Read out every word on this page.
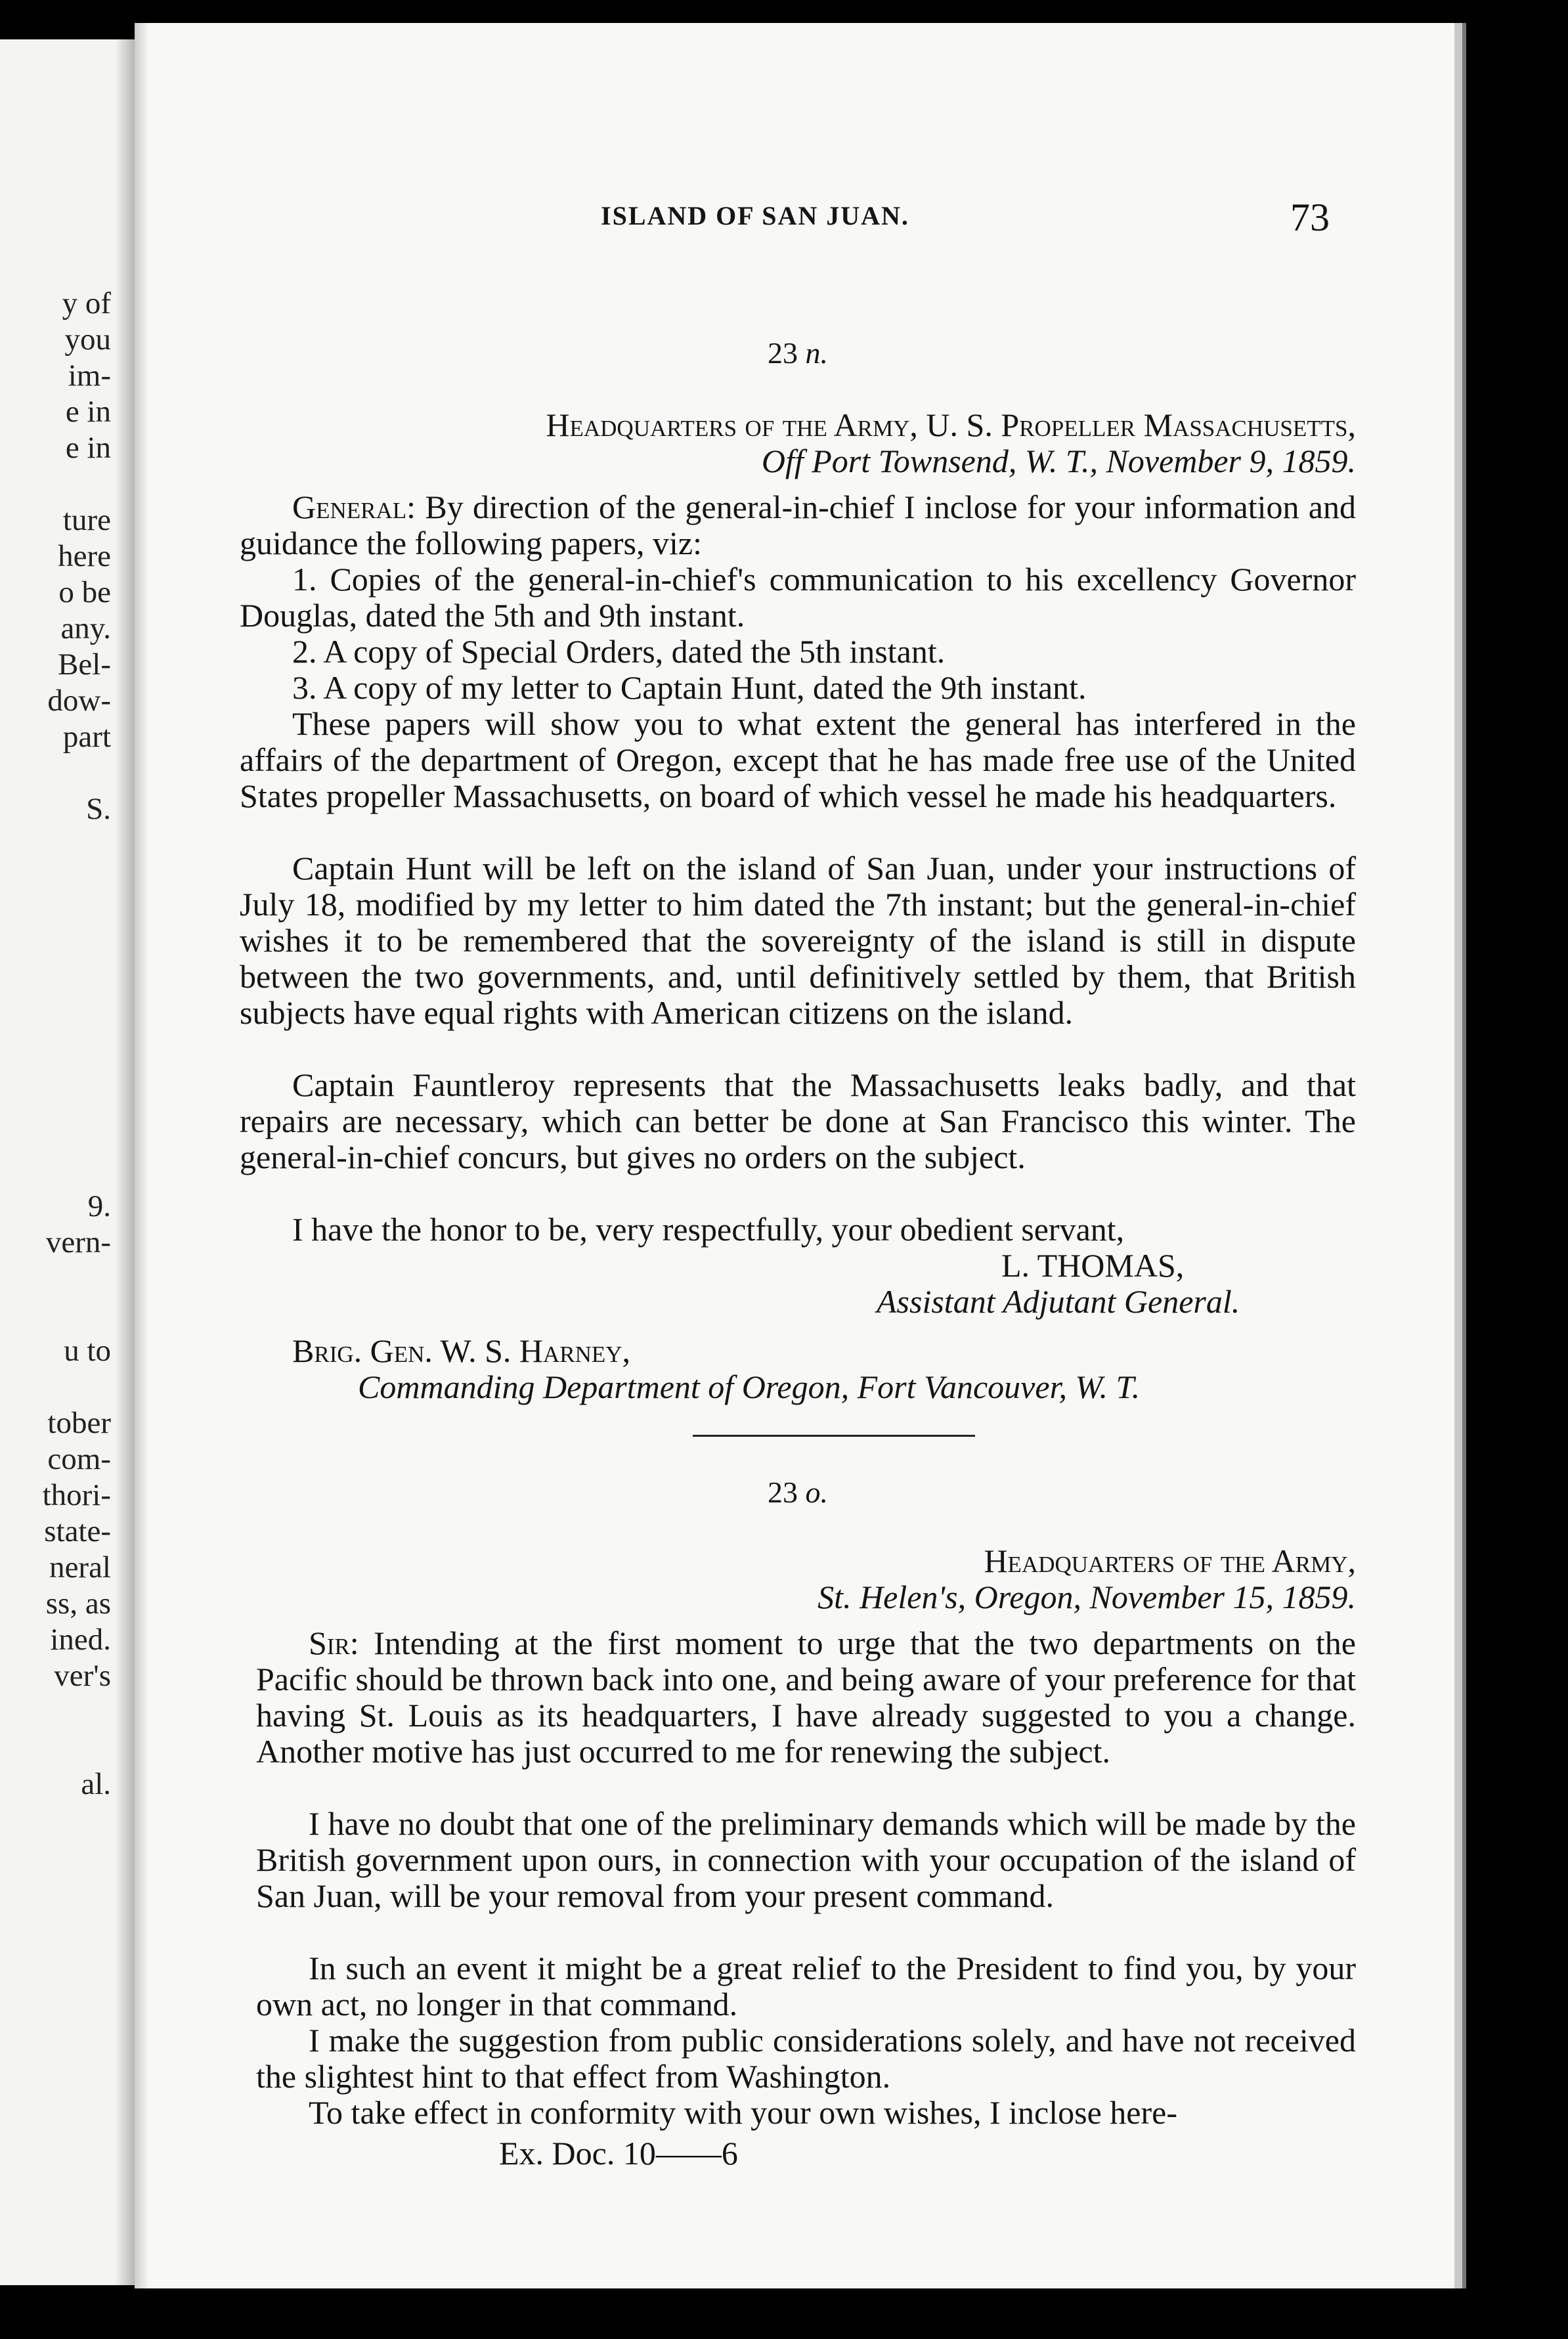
y of
you
im-
e in
e in
ture
here
o be
any.
Bel-
dow-
part
S.
9.
vern-
u to
tober
com-
thori-
state-
neral
ss, as
ined.
ver's
al.
ISLAND OF SAN JUAN.	73
23 n.
Headquarters of the Army, U. S. Propeller Massachusetts,
Off Port Townsend, W. T., November 9, 1859.
General: By direction of the general-in-chief I inclose for your information and guidance the following papers, viz:
1. Copies of the general-in-chief's communication to his excellency Governor Douglas, dated the 5th and 9th instant.
2. A copy of Special Orders, dated the 5th instant.
3. A copy of my letter to Captain Hunt, dated the 9th instant.
These papers will show you to what extent the general has interfered in the affairs of the department of Oregon, except that he has made free use of the United States propeller Massachusetts, on board of which vessel he made his headquarters.
Captain Hunt will be left on the island of San Juan, under your instructions of July 18, modified by my letter to him dated the 7th instant; but the general-in-chief wishes it to be remembered that the sovereignty of the island is still in dispute between the two governments, and, until definitively settled by them, that British subjects have equal rights with American citizens on the island.
Captain Fauntleroy represents that the Massachusetts leaks badly, and that repairs are necessary, which can better be done at San Francisco this winter. The general-in-chief concurs, but gives no orders on the subject.
I have the honor to be, very respectfully, your obedient servant,
L. THOMAS,
Assistant Adjutant General.
Brig. Gen. W. S. Harney,
Commanding Department of Oregon, Fort Vancouver, W. T.
23 o.
Headquarters of the Army,
St. Helen's, Oregon, November 15, 1859.
Sir: Intending at the first moment to urge that the two departments on the Pacific should be thrown back into one, and being aware of your preference for that having St. Louis as its headquarters, I have already suggested to you a change. Another motive has just occurred to me for renewing the subject.
I have no doubt that one of the preliminary demands which will be made by the British government upon ours, in connection with your occupation of the island of San Juan, will be your removal from your present command.
In such an event it might be a great relief to the President to find you, by your own act, no longer in that command.
I make the suggestion from public considerations solely, and have not received the slightest hint to that effect from Washington.
To take effect in conformity with your own wishes, I inclose here-
Ex. Doc. 10——6
